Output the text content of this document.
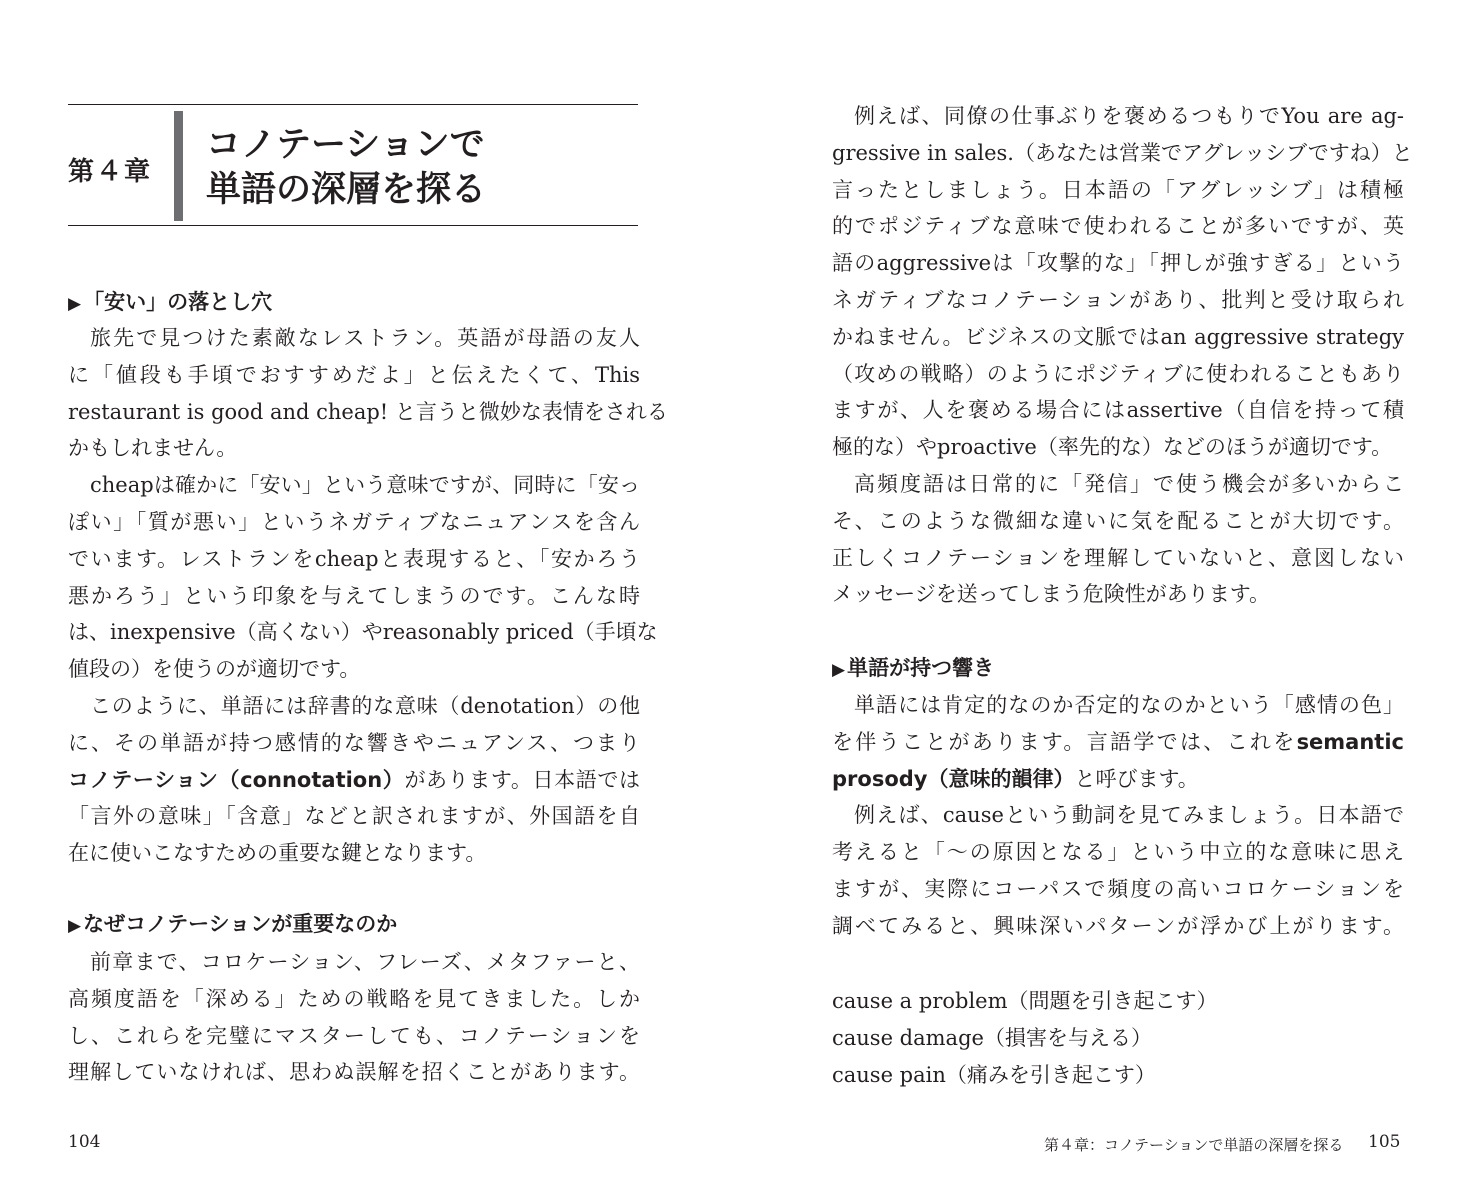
第４章
コノテーションで
単語の深層を探る
▶「安い」の落とし穴
旅先で見つけた素敵なレストラン。英語が母語の友人
に「値段も手頃でおすすめだよ」と伝えたくて、This
restaurant is good and cheap! と言うと微妙な表情をされる
かもしれません。
cheapは確かに「安い」という意味ですが、同時に「安っ
ぽい」「質が悪い」というネガティブなニュアンスを含ん
でいます。レストランをcheapと表現すると、「安かろう
悪かろう」という印象を与えてしまうのです。こんな時
は、inexpensive（高くない）やreasonably priced（手頃な
値段の）を使うのが適切です。
このように、単語には辞書的な意味（denotation）の他
に、その単語が持つ感情的な響きやニュアンス、つまり
コノテーション（connotation）があります。日本語では
「言外の意味」「含意」などと訳されますが、外国語を自
在に使いこなすための重要な鍵となります。
▶なぜコノテーションが重要なのか
前章まで、コロケーション、フレーズ、メタファーと、
高頻度語を「深める」ための戦略を見てきました。しか
し、これらを完璧にマスターしても、コノテーションを
理解していなければ、思わぬ誤解を招くことがあります。
104
例えば、同僚の仕事ぶりを褒めるつもりでYou are ag-
gressive in sales.（あなたは営業でアグレッシブですね）と
言ったとしましょう。日本語の「アグレッシブ」は積極
的でポジティブな意味で使われることが多いですが、英
語のaggressiveは「攻撃的な」「押しが強すぎる」という
ネガティブなコノテーションがあり、批判と受け取られ
かねません。ビジネスの文脈ではan aggressive strategy
（攻めの戦略）のようにポジティブに使われることもあり
ますが、人を褒める場合にはassertive（自信を持って積
極的な）やproactive（率先的な）などのほうが適切です。
高頻度語は日常的に「発信」で使う機会が多いからこ
そ、このような微細な違いに気を配ることが大切です。
正しくコノテーションを理解していないと、意図しない
メッセージを送ってしまう危険性があります。
▶単語が持つ響き
単語には肯定的なのか否定的なのかという「感情の色」
を伴うことがあります。言語学では、これをsemantic
prosody（意味的韻律）と呼びます。
例えば、causeという動詞を見てみましょう。日本語で
考えると「〜の原因となる」という中立的な意味に思え
ますが、実際にコーパスで頻度の高いコロケーションを
調べてみると、興味深いパターンが浮かび上がります。
cause a problem（問題を引き起こす）
cause damage（損害を与える）
cause pain（痛みを引き起こす）
第４章：コノテーションで単語の深層を探る 105
